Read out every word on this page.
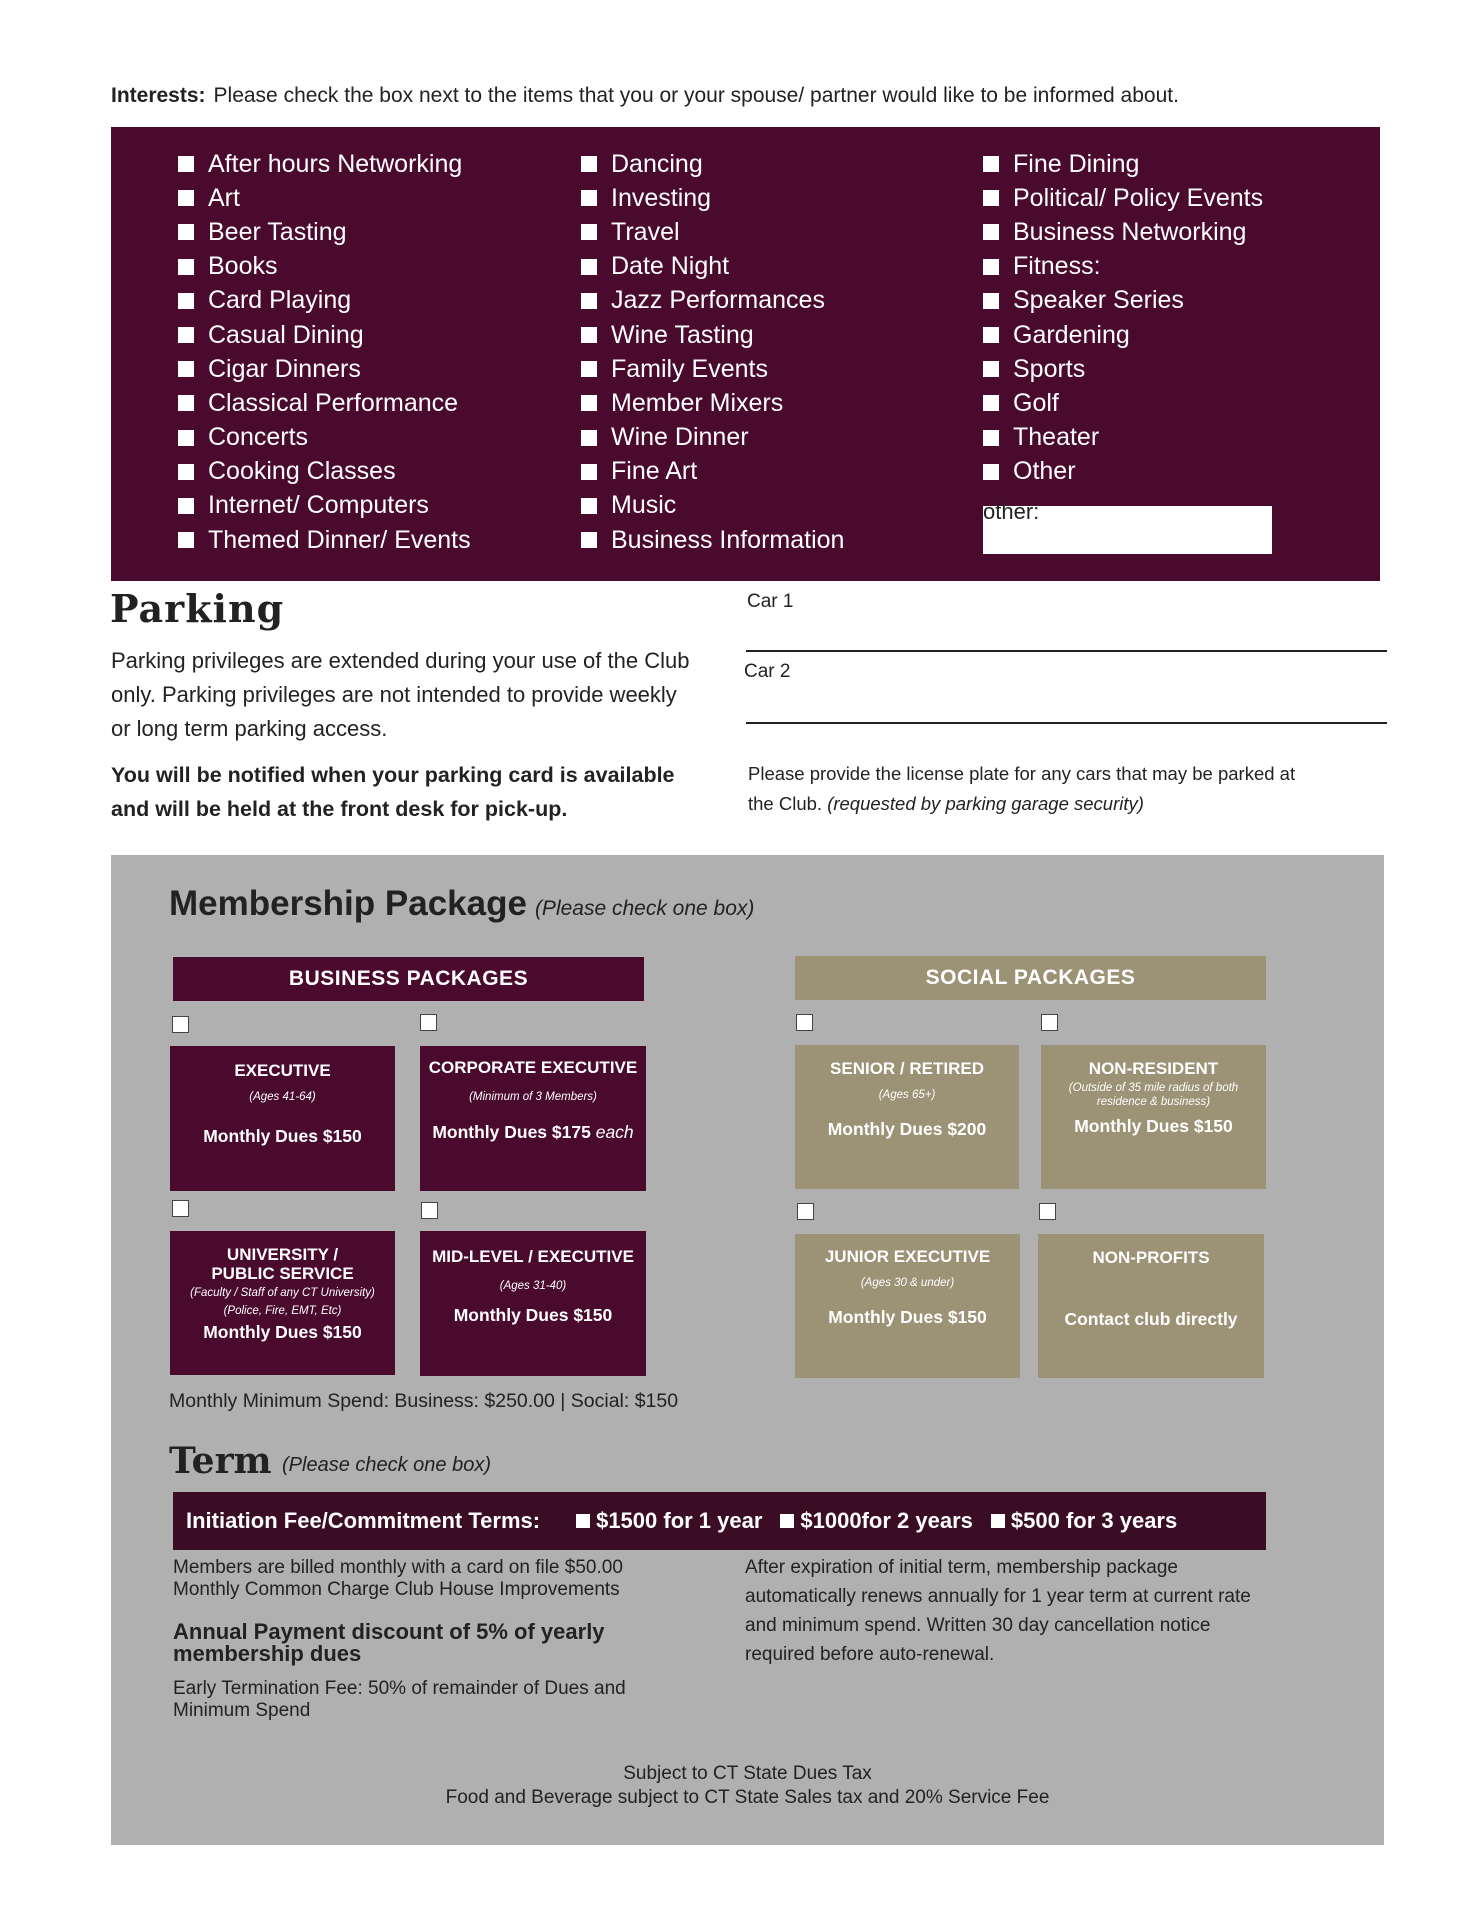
Interests: Please check the box next to the items that you or your spouse/ partner would like to be informed about.
After hours Networking
Art
Beer Tasting
Books
Card Playing
Casual Dining
Cigar Dinners
Classical Performance
Concerts
Cooking Classes
Internet/ Computers
Themed Dinner/ Events
Dancing
Investing
Travel
Date Night
Jazz Performances
Wine Tasting
Family Events
Member Mixers
Wine Dinner
Fine Art
Music
Business Information
Fine Dining
Political/ Policy Events
Business Networking
Fitness:
Speaker Series
Gardening
Sports
Golf
Theater
Other
other:
Parking
Parking privileges are extended during your use of the Club only. Parking privileges are not intended to provide weekly or long term parking access.
You will be notified when your parking card is available and will be held at the front desk for pick-up.
Car 1
Car 2
Please provide the license plate for any cars that may be parked at the Club. (requested by parking garage security)
Membership Package (Please check one box)
BUSINESS PACKAGES	SOCIAL PACKAGES
EXECUTIVE
(Ages 41-64)
Monthly Dues $150
CORPORATE EXECUTIVE
(Minimum of 3 Members)
Monthly Dues $175 each
UNIVERSITY /
PUBLIC SERVICE
(Faculty / Staff of any CT University)
(Police, Fire, EMT, Etc)
Monthly Dues $150
MID-LEVEL / EXECUTIVE
(Ages 31-40)
Monthly Dues $150
SENIOR / RETIRED
(Ages 65+)
Monthly Dues $200
NON-RESIDENT
(Outside of 35 mile radius of both
residence & business)
Monthly Dues $150
JUNIOR EXECUTIVE
(Ages 30 & under)
Monthly Dues $150
NON-PROFITS
Contact club directly
Monthly Minimum Spend: Business: $250.00 | Social: $150
Term (Please check one box)
Initiation Fee/Commitment Terms:	$1500 for 1 year $1000for 2 years $500 for 3 years
Members are billed monthly with a card on file $50.00
Monthly Common Charge Club House Improvements
Annual Payment discount of 5% of yearly
membership dues
Early Termination Fee: 50% of remainder of Dues and
Minimum Spend
After expiration of initial term, membership package automatically renews annually for 1 year term at current rate and minimum spend. Written 30 day cancellation notice required before auto-renewal.
Subject to CT State Dues Tax
Food and Beverage subject to CT State Sales tax and 20% Service Fee
